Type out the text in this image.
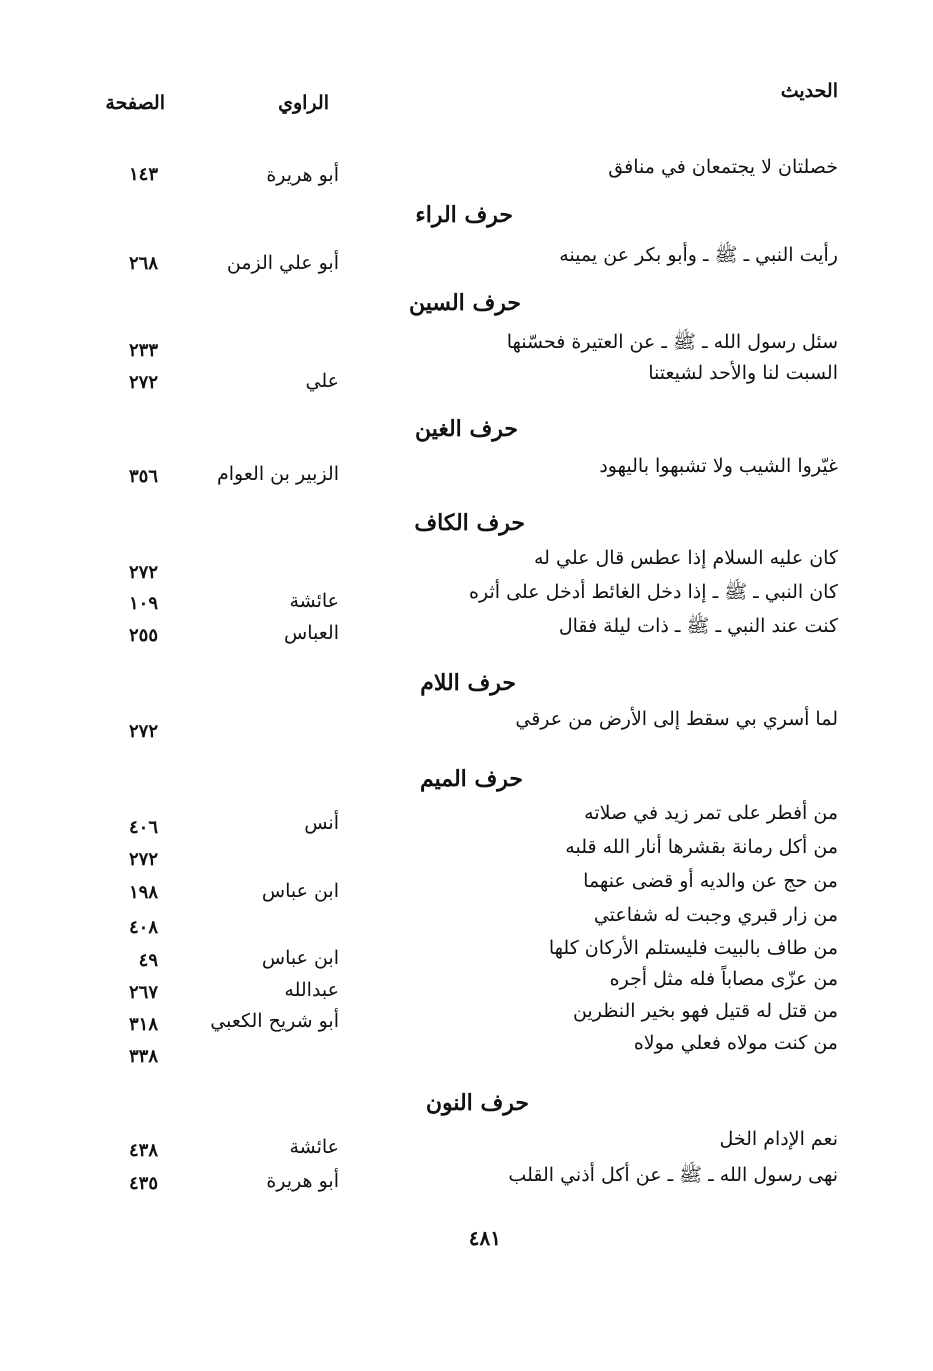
الحديث
الراوي
الصفحة
خصلتان لا يجتمعان في منافق
أبو هريرة
١٤٣
حرف الراء
رأيت النبي ـ ﷺ ـ وأبو بكر عن يمينه
أبو علي الزمن
٢٦٨
حرف السين
سئل رسول الله ـ ﷺ ـ عن العتيرة فحسّنها
٢٣٣
السبت لنا والأحد لشيعتنا
علي
٢٧٢
حرف الغين
غيّروا الشيب ولا تشبهوا باليهود
الزبير بن العوام
٣٥٦
حرف الكاف
كان عليه السلام إذا عطس قال علي له
٢٧٢
كان النبي ـ ﷺ ـ إذا دخل الغائط أدخل على أثره
عائشة
١٠٩
كنت عند النبي ـ ﷺ ـ ذات ليلة فقال
العباس
٢٥٥
حرف اللام
لما أسري بي سقط إلى الأرض من عرقي
٢٧٢
حرف الميم
من أفطر على تمر زيد في صلاته
أنس
٤٠٦
من أكل رمانة بقشرها أنار الله قلبه
٢٧٢
من حج عن والديه أو قضى عنهما
ابن عباس
١٩٨
من زار قبري وجبت له شفاعتي
٤٠٨
من طاف بالبيت فليستلم الأركان كلها
ابن عباس
٤٩
من عزّى مصاباً فله مثل أجره
عبدالله
٢٦٧
من قتل له قتيل فهو بخير النظرين
أبو شريح الكعبي
٣١٨
من كنت مولاه فعلي مولاه
٣٣٨
حرف النون
نعم الإدام الخل
عائشة
٤٣٨
نهى رسول الله ـ ﷺ ـ عن أكل أذني القلب
أبو هريرة
٤٣٥
٤٨١
